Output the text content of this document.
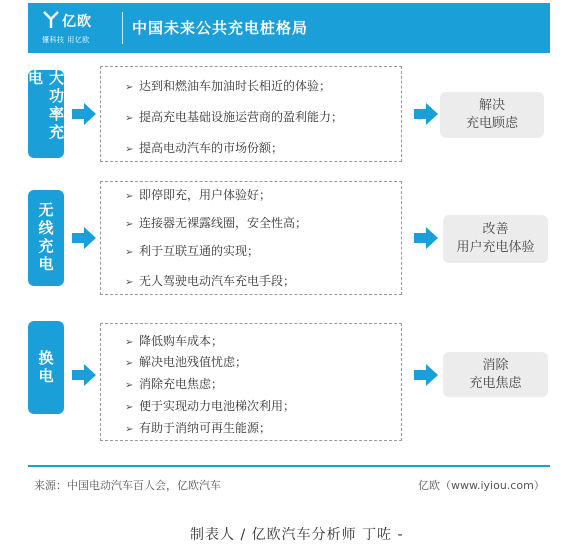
亿欧
懂科技 用亿欧
中国未来公共充电桩格局
大功率充电	➢ 达到和燃油车加油时长相近的体验；
➢ 提高充电基础设施运营商的盈利能力；
➢ 提高电动汽车的市场份额；
解决
充电顾虑
无线充电
➢ 即停即充，用户体验好；
➢ 连接器无裸露线圈，安全性高；
➢ 利于互联互通的实现；
➢ 无人驾驶电动汽车充电手段；
改善
用户充电体验
换电
➢ 降低购车成本；
➢ 解决电池残值忧虑；
➢ 消除充电焦虑；
➢ 便于实现动力电池梯次利用；
➢ 有助于消纳可再生能源；
消除
充电焦虑
来源：中国电动汽车百人会，亿欧汽车	亿欧（www.iyiou.com）
制表人 / 亿欧汽车分析师 丁咗 -
